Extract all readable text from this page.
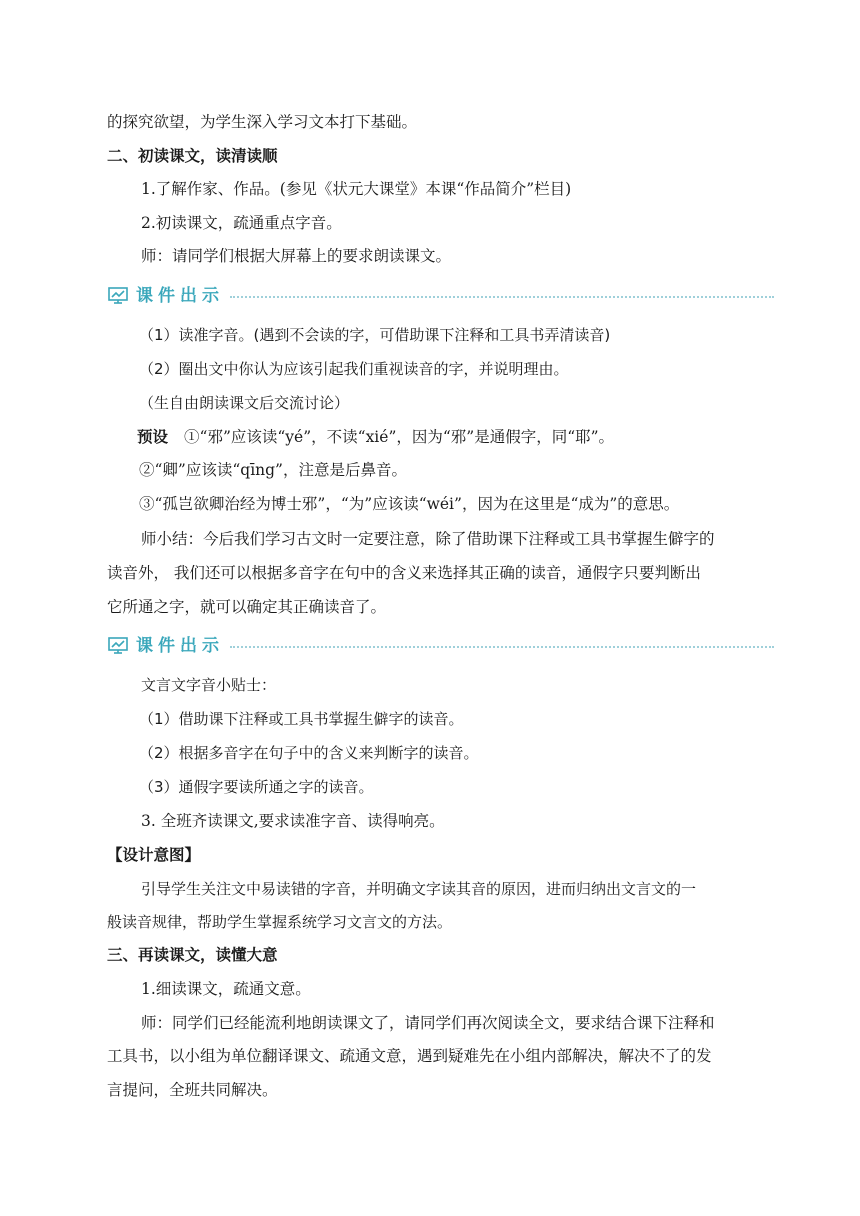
的探究欲望，为学生深入学习文本打下基础。
二、初读课文，读清读顺
1.了解作家、作品。(参见《状元大课堂》本课“作品简介”栏目)
2.初读课文，疏通重点字音。
师：请同学们根据大屏幕上的要求朗读课文。
课件出示
（1）读准字音。(遇到不会读的字，可借助课下注释和工具书弄清读音)
（2）圈出文中你认为应该引起我们重视读音的字，并说明理由。
（生自由朗读课文后交流讨论）
预设 ①“邪”应该读“yé”，不读“xié”，因为“邪”是通假字，同“耶”。
②“卿”应该读“qīng”，注意是后鼻音。
③“孤岂欲卿治经为博士邪”，“为”应该读“wéi”，因为在这里是“成为”的意思。
师小结：今后我们学习古文时一定要注意，除了借助课下注释或工具书掌握生僻字的
读音外， 我们还可以根据多音字在句中的含义来选择其正确的读音，通假字只要判断出
它所通之字，就可以确定其正确读音了。
课件出示
文言文字音小贴士：
（1）借助课下注释或工具书掌握生僻字的读音。
（2）根据多音字在句子中的含义来判断字的读音。
（3）通假字要读所通之字的读音。
3. 全班齐读课文,要求读准字音、读得响亮。
【设计意图】
引导学生关注文中易读错的字音，并明确文字读其音的原因，进而归纳出文言文的一
般读音规律，帮助学生掌握系统学习文言文的方法。
三、再读课文，读懂大意
1.细读课文，疏通文意。
师：同学们已经能流利地朗读课文了，请同学们再次阅读全文，要求结合课下注释和
工具书，以小组为单位翻译课文、疏通文意，遇到疑难先在小组内部解决，解决不了的发
言提问，全班共同解决。
